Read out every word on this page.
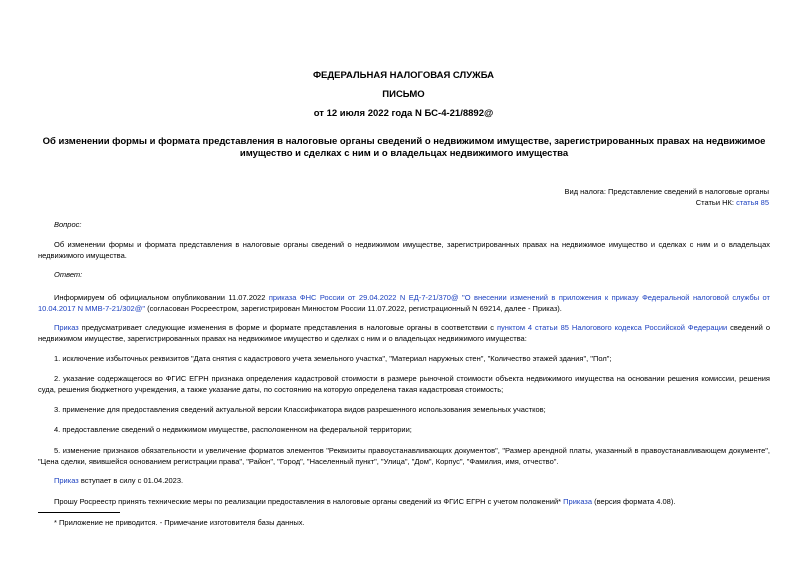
ФЕДЕРАЛЬНАЯ НАЛОГОВАЯ СЛУЖБА
ПИСЬМО
от 12 июля 2022 года N БС-4-21/8892@
Об изменении формы и формата представления в налоговые органы сведений о недвижимом имуществе, зарегистрированных правах на недвижимое имущество и сделках с ним и о владельцах недвижимого имущества
Вид налога: Представление сведений в налоговые органы
Статьи НК: статья 85
Вопрос:
Об изменении формы и формата представления в налоговые органы сведений о недвижимом имуществе, зарегистрированных правах на недвижимое имущество и сделках с ним и о владельцах недвижимого имущества.
Ответ:
Информируем об официальном опубликовании 11.07.2022 приказа ФНС России от 29.04.2022 N ЕД-7-21/370@ "О внесении изменений в приложения к приказу Федеральной налоговой службы от 10.04.2017 N ММВ-7-21/302@" (согласован Росреестром, зарегистрирован Минюстом России 11.07.2022, регистрационный N 69214, далее - Приказ).
Приказ предусматривает следующие изменения в форме и формате представления в налоговые органы в соответствии с пунктом 4 статьи 85 Налогового кодекса Российской Федерации сведений о недвижимом имуществе, зарегистрированных правах на недвижимое имущество и сделках с ним и о владельцах недвижимого имущества:
1. исключение избыточных реквизитов "Дата снятия с кадастрового учета земельного участка", "Материал наружных стен", "Количество этажей здания", "Пол";
2. указание содержащегося во ФГИС ЕГРН признака определения кадастровой стоимости в размере рыночной стоимости объекта недвижимого имущества на основании решения комиссии, решения суда, решения бюджетного учреждения, а также указание даты, по состоянию на которую определена такая кадастровая стоимость;
3. применение для предоставления сведений актуальной версии Классификатора видов разрешенного использования земельных участков;
4. предоставление сведений о недвижимом имуществе, расположенном на федеральной территории;
5. изменение признаков обязательности и увеличение форматов элементов "Реквизиты правоустанавливающих документов", "Размер арендной платы, указанный в правоустанавливающем документе", "Цена сделки, явившейся основанием регистрации права", "Район", "Город", "Населенный пункт", "Улица", "Дом", Корпус", "Фамилия, имя, отчество".
Приказ вступает в силу с 01.04.2023.
Прошу Росреестр принять технические меры по реализации предоставления в налоговые органы сведений из ФГИС ЕГРН с учетом положений* Приказа (версия формата 4.08).
* Приложение не приводится. - Примечание изготовителя базы данных.
